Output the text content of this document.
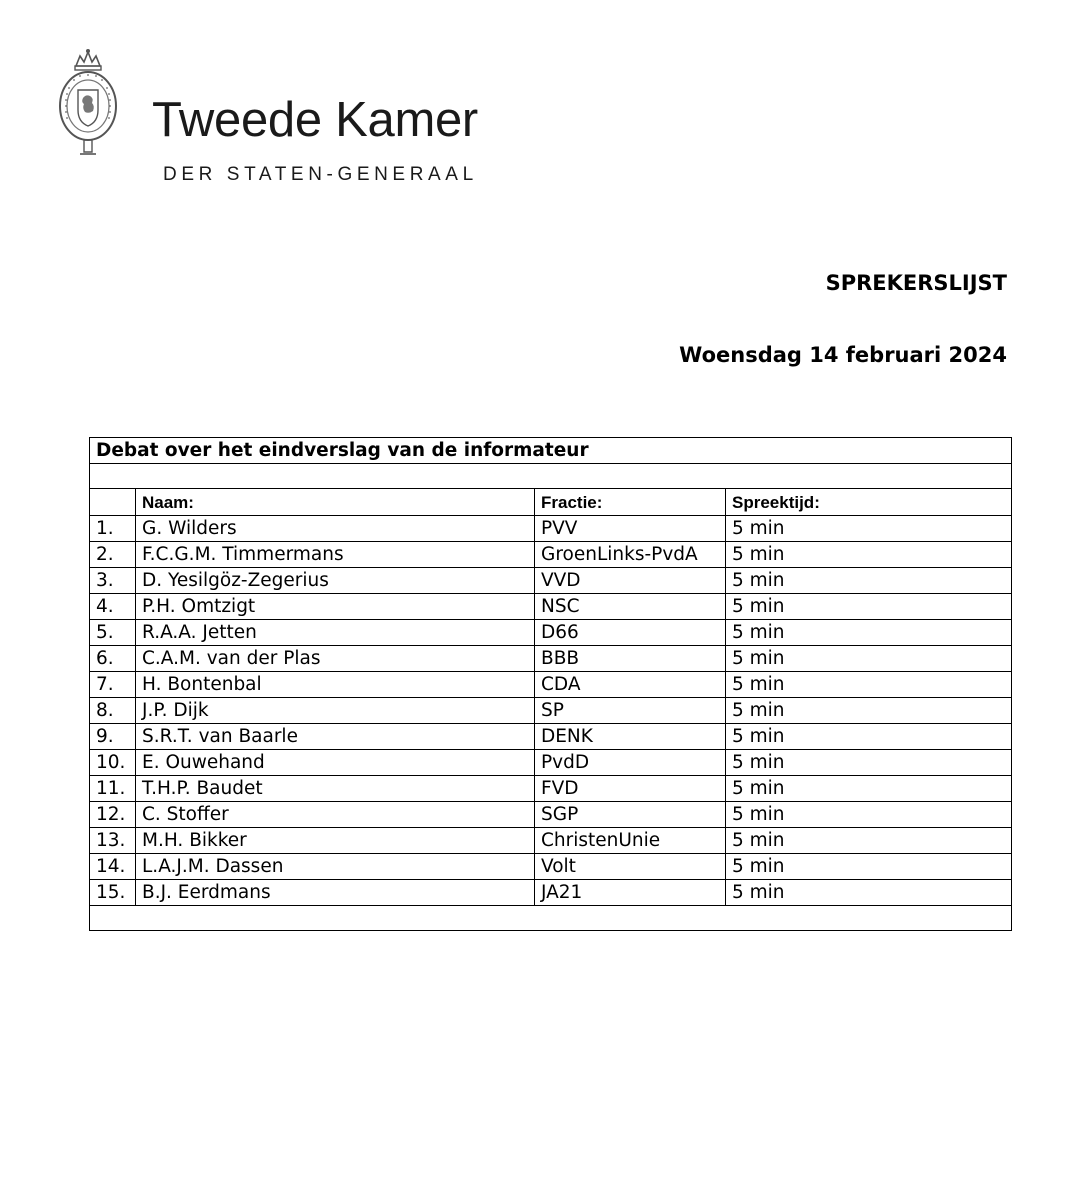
Tweede Kamer
DER STATEN-GENERAAL
SPREKERSLIJST
Woensdag 14 februari 2024
Debat over het eindverslag van de informateur			

	Naam:	Fractie:	Spreektijd:
1.	G. Wilders	PVV	5 min
2.	F.C.G.M. Timmermans	GroenLinks-PvdA	5 min
3.	D. Yesilgöz-Zegerius	VVD	5 min
4.	P.H. Omtzigt	NSC	5 min
5.	R.A.A. Jetten	D66	5 min
6.	C.A.M. van der Plas	BBB	5 min
7.	H. Bontenbal	CDA	5 min
8.	J.P. Dijk	SP	5 min
9.	S.R.T. van Baarle	DENK	5 min
10.	E. Ouwehand	PvdD	5 min
11.	T.H.P. Baudet	FVD	5 min
12.	C. Stoffer	SGP	5 min
13.	M.H. Bikker	ChristenUnie	5 min
14.	L.A.J.M. Dassen	Volt	5 min
15.	B.J. Eerdmans	JA21	5 min
